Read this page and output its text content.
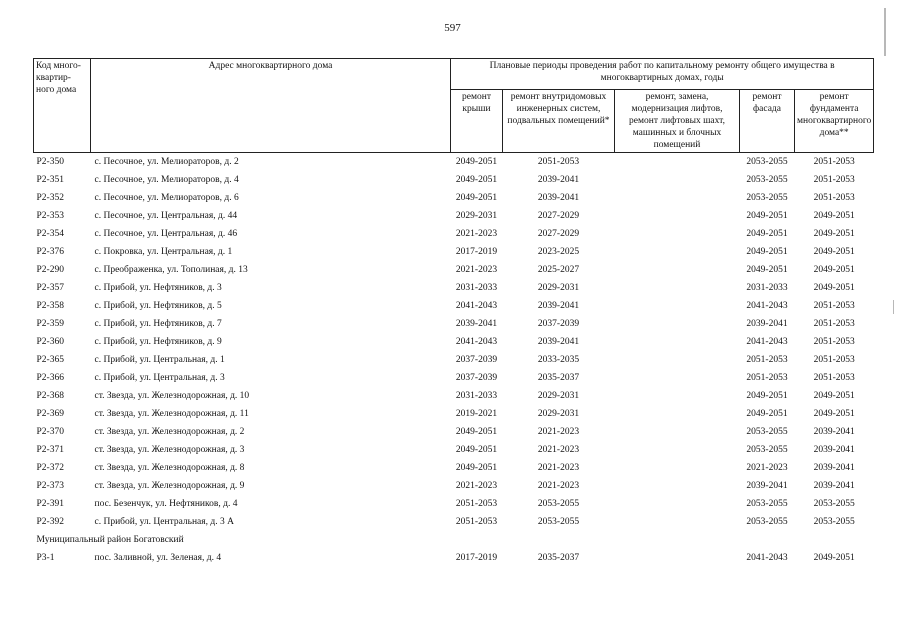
597
Код много-квартир-ного дома	Адрес многоквартирного дома	Плановые периоды проведения работ по капитальному ремонту общего имущества в многоквартирных домах, годы				
		ремонт крыши	ремонт внутридомовых инженерных систем, подвальных помещений*	ремонт, замена, модернизация лифтов, ремонт лифтовых шахт, машинных и блочных помещений	ремонт фасада	ремонт фундамента многоквартирного дома**
Р2-350	с. Песочное, ул. Мелиораторов, д. 2	2049-2051	2051-2053		2053-2055	2051-2053
Р2-351	с. Песочное, ул. Мелиораторов, д. 4	2049-2051	2039-2041		2053-2055	2051-2053
Р2-352	с. Песочное, ул. Мелиораторов, д. 6	2049-2051	2039-2041		2053-2055	2051-2053
Р2-353	с. Песочное, ул. Центральная, д. 44	2029-2031	2027-2029		2049-2051	2049-2051
Р2-354	с. Песочное, ул. Центральная, д. 46	2021-2023	2027-2029		2049-2051	2049-2051
Р2-376	с. Покровка, ул. Центральная, д. 1	2017-2019	2023-2025		2049-2051	2049-2051
Р2-290	с. Преображенка, ул. Тополиная, д. 13	2021-2023	2025-2027		2049-2051	2049-2051
Р2-357	с. Прибой, ул. Нефтяников, д. 3	2031-2033	2029-2031		2031-2033	2049-2051
Р2-358	с. Прибой, ул. Нефтяников, д. 5	2041-2043	2039-2041		2041-2043	2051-2053
Р2-359	с. Прибой, ул. Нефтяников, д. 7	2039-2041	2037-2039		2039-2041	2051-2053
Р2-360	с. Прибой, ул. Нефтяников, д. 9	2041-2043	2039-2041		2041-2043	2051-2053
Р2-365	с. Прибой, ул. Центральная, д. 1	2037-2039	2033-2035		2051-2053	2051-2053
Р2-366	с. Прибой, ул. Центральная, д. 3	2037-2039	2035-2037		2051-2053	2051-2053
Р2-368	ст. Звезда, ул. Железнодорожная, д. 10	2031-2033	2029-2031		2049-2051	2049-2051
Р2-369	ст. Звезда, ул. Железнодорожная, д. 11	2019-2021	2029-2031		2049-2051	2049-2051
Р2-370	ст. Звезда, ул. Железнодорожная, д. 2	2049-2051	2021-2023		2053-2055	2039-2041
Р2-371	ст. Звезда, ул. Железнодорожная, д. 3	2049-2051	2021-2023		2053-2055	2039-2041
Р2-372	ст. Звезда, ул. Железнодорожная, д. 8	2049-2051	2021-2023		2021-2023	2039-2041
Р2-373	ст. Звезда, ул. Железнодорожная, д. 9	2021-2023	2021-2023		2039-2041	2039-2041
Р2-391	пос. Безенчук, ул. Нефтяников, д. 4	2051-2053	2053-2055		2053-2055	2053-2055
Р2-392	с. Прибой, ул. Центральная, д. 3 А	2051-2053	2053-2055		2053-2055	2053-2055
Муниципальный район Богатовский						
Р3-1	пос. Заливной, ул. Зеленая, д. 4	2017-2019	2035-2037		2041-2043	2049-2051
